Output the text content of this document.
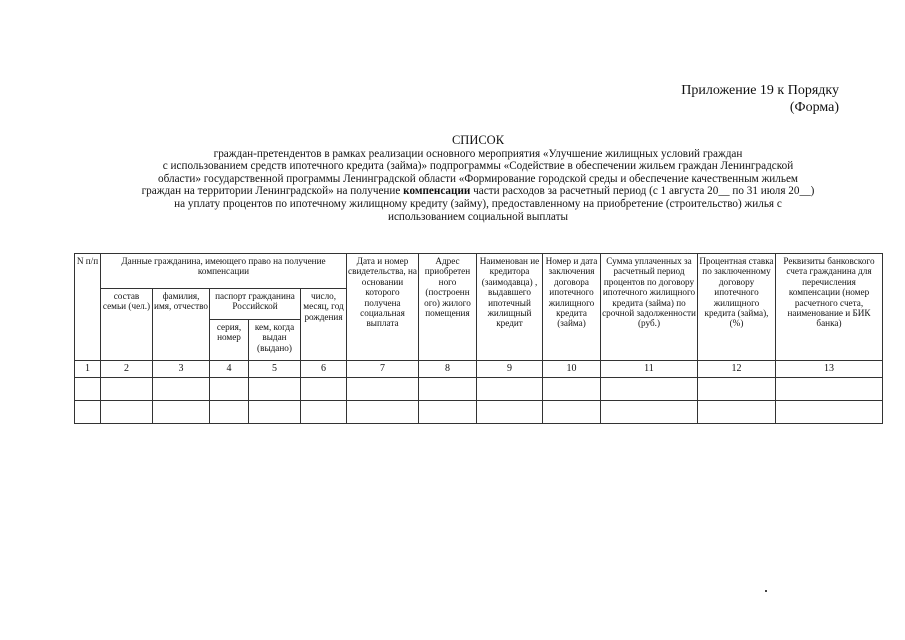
Приложение 19 к Порядку
(Форма)
СПИСОК
граждан-претендентов в рамках реализации основного мероприятия «Улучшение жилищных условий граждан
с использованием средств ипотечного кредита (займа)» подпрограммы «Содействие в обеспечении жильем граждан Ленинградской
области» государственной программы Ленинградской области «Формирование городской среды и обеспечение качественным жильем
граждан на территории Ленинградской» на получение компенсации части расходов за расчетный период (с 1 августа 20__ по 31 июля 20__)
на уплату процентов по ипотечному жилищному кредиту (займу), предоставленному на приобретение (строительство) жилья с
использованием социальной выплаты
N п/п	Данные гражданина, имеющего право на получение компенсации					Дата и номер свидетельства, на основании которого получена социальная выплата	Адрес приобретен ного (построенн ого) жилого помещения	Наименован ие кредитора (заимодавца) , выдавшего ипотечный жилищный кредит	Номер и дата заключения договора ипотечного жилищного кредита (займа)	Сумма уплаченных за расчетный период процентов по договору ипотечного жилищного кредита (займа) по срочной задолженности (руб.)	Процентная ставка по заключенному договору ипотечного жилищного кредита (займа), (%)	Реквизиты банковского счета гражданина для перечисления компенсации (номер расчетного счета, наименование и БИК банка)
	состав семьи (чел.)	фамилия, имя, отчество	паспорт гражданина Российской		число, месяц, год рождения							
			серия, номер	кем, когда выдан (выдано)								
1	2	3	4	5	6	7	8	9	10	11	12	13
